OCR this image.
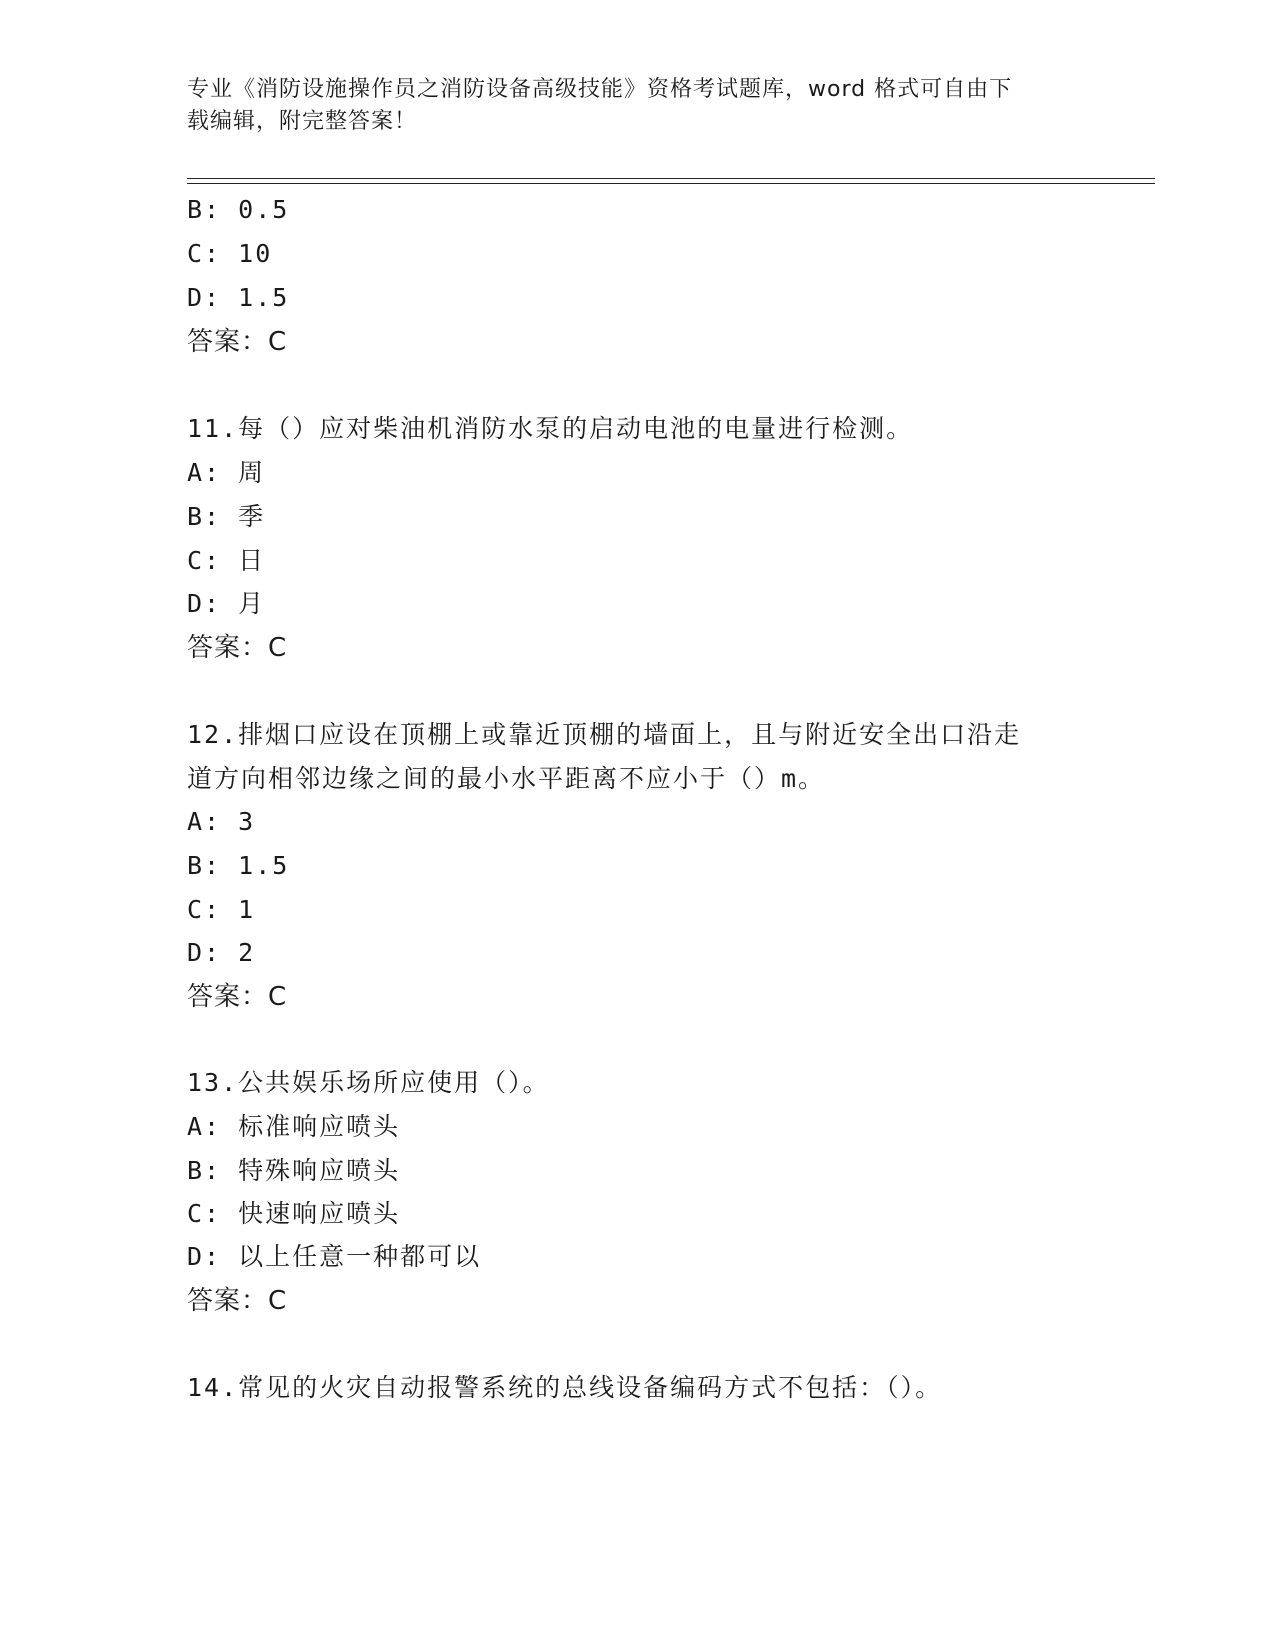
专业《消防设施操作员之消防设备高级技能》资格考试题库，word 格式可自由下
载编辑，附完整答案！
B: 0.5
C: 10
D: 1.5
答案：C
11.每（）应对柴油机消防水泵的启动电池的电量进行检测。
A: 周
B: 季
C: 日
D: 月
答案：C
12.排烟口应设在顶棚上或靠近顶棚的墙面上，且与附近安全出口沿走
道方向相邻边缘之间的最小水平距离不应小于（）m。
A: 3
B: 1.5
C: 1
D: 2
答案：C
13.公共娱乐场所应使用（）。
A: 标准响应喷头
B: 特殊响应喷头
C: 快速响应喷头
D: 以上任意一种都可以
答案：C
14.常见的火灾自动报警系统的总线设备编码方式不包括：（）。
